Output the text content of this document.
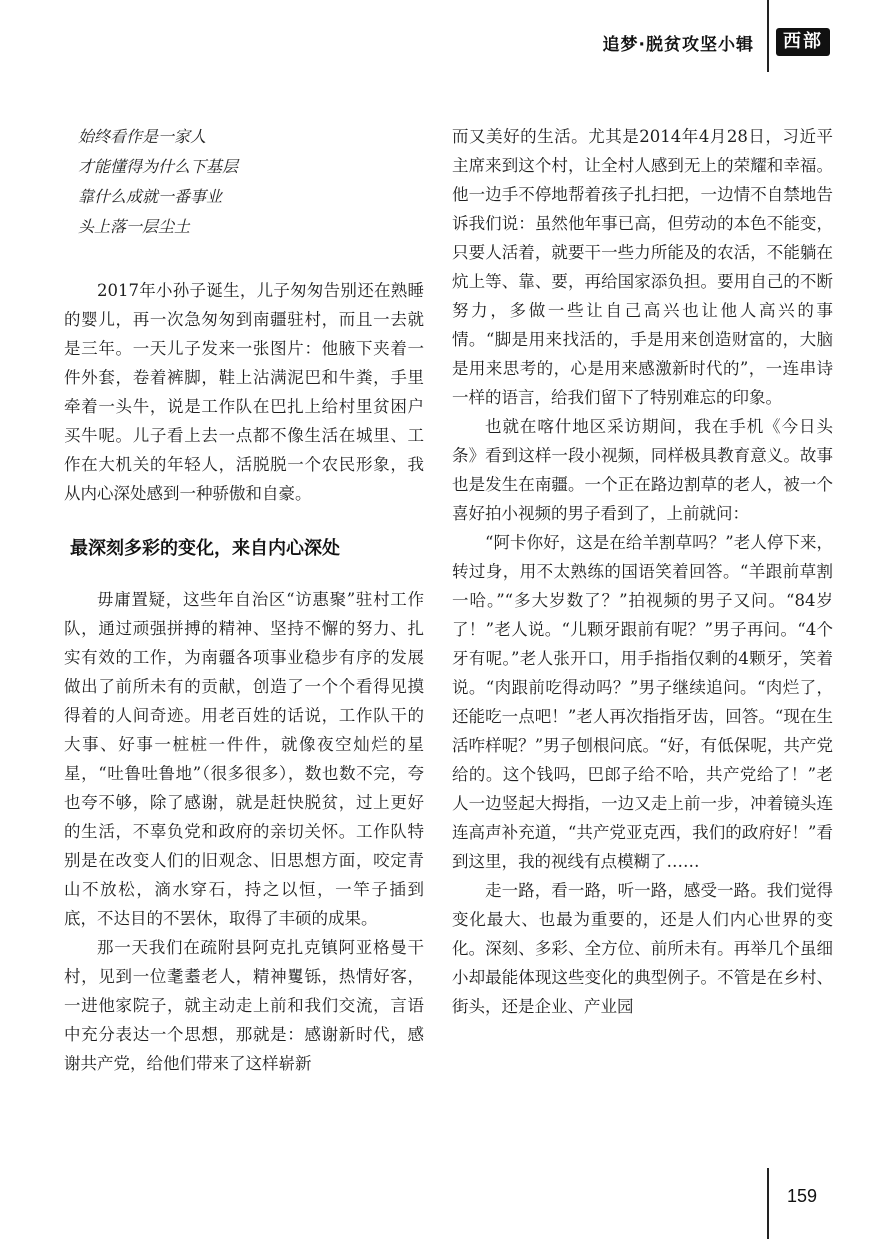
追梦·脱贫攻坚小辑	西部
始终看作是一家人
才能懂得为什么下基层
靠什么成就一番事业
头上落一层尘土

2017年小孙子诞生，儿子匆匆告别还在熟睡的婴儿，再一次急匆匆到南疆驻村，而且一去就是三年。一天儿子发来一张图片：他腋下夹着一件外套，卷着裤脚，鞋上沾满泥巴和牛粪，手里牵着一头牛，说是工作队在巴扎上给村里贫困户买牛呢。儿子看上去一点都不像生活在城里、工作在大机关的年轻人，活脱脱一个农民形象，我从内心深处感到一种骄傲和自豪。

最深刻多彩的变化，来自内心深处

毋庸置疑，这些年自治区“访惠聚”驻村工作队，通过顽强拼搏的精神、坚持不懈的努力、扎实有效的工作，为南疆各项事业稳步有序的发展做出了前所未有的贡献，创造了一个个看得见摸得着的人间奇迹。用老百姓的话说，工作队干的大事、好事一桩桩一件件，就像夜空灿烂的星星，“吐鲁吐鲁地”（很多很多），数也数不完，夸也夸不够，除了感谢，就是赶快脱贫，过上更好的生活，不辜负党和政府的亲切关怀。工作队特别是在改变人们的旧观念、旧思想方面，咬定青山不放松，滴水穿石，持之以恒，一竿子插到底，不达目的不罢休，取得了丰硕的成果。

那一天我们在疏附县阿克扎克镇阿亚格曼干村，见到一位耄耋老人，精神矍铄，热情好客，一进他家院子，就主动走上前和我们交流，言语中充分表达一个思想，那就是：感谢新时代，感谢共产党，给他们带来了这样崭新

而又美好的生活。尤其是2014年4月28日，习近平主席来到这个村，让全村人感到无上的荣耀和幸福。他一边手不停地帮着孩子扎扫把，一边情不自禁地告诉我们说：虽然他年事已高，但劳动的本色不能变，只要人活着，就要干一些力所能及的农活，不能躺在炕上等、靠、要，再给国家添负担。要用自己的不断努力，多做一些让自己高兴也让他人高兴的事情。“脚是用来找活的，手是用来创造财富的，大脑是用来思考的，心是用来感激新时代的”，一连串诗一样的语言，给我们留下了特别难忘的印象。

也就在喀什地区采访期间，我在手机《今日头条》看到这样一段小视频，同样极具教育意义。故事也是发生在南疆。一个正在路边割草的老人，被一个喜好拍小视频的男子看到了，上前就问：

“阿卡你好，这是在给羊割草吗？”老人停下来，转过身，用不太熟练的国语笑着回答。“羊跟前草割一哈。”“多大岁数了？”拍视频的男子又问。“84岁了！”老人说。“儿颗牙跟前有呢？”男子再问。“4个牙有呢。”老人张开口，用手指指仅剩的4颗牙，笑着说。“肉跟前吃得动吗？”男子继续追问。“肉烂了，还能吃一点吧！”老人再次指指牙齿，回答。“现在生活咋样呢？”男子刨根问底。“好，有低保呢，共产党给的。这个钱吗，巴郎子给不哈，共产党给了！”老人一边竖起大拇指，一边又走上前一步，冲着镜头连连高声补充道，“共产党亚克西，我们的政府好！”看到这里，我的视线有点模糊了……

走一路，看一路，听一路，感受一路。我们觉得变化最大、也最为重要的，还是人们内心世界的变化。深刻、多彩、全方位、前所未有。再举几个虽细小却最能体现这些变化的典型例子。不管是在乡村、街头，还是企业、产业园

159
